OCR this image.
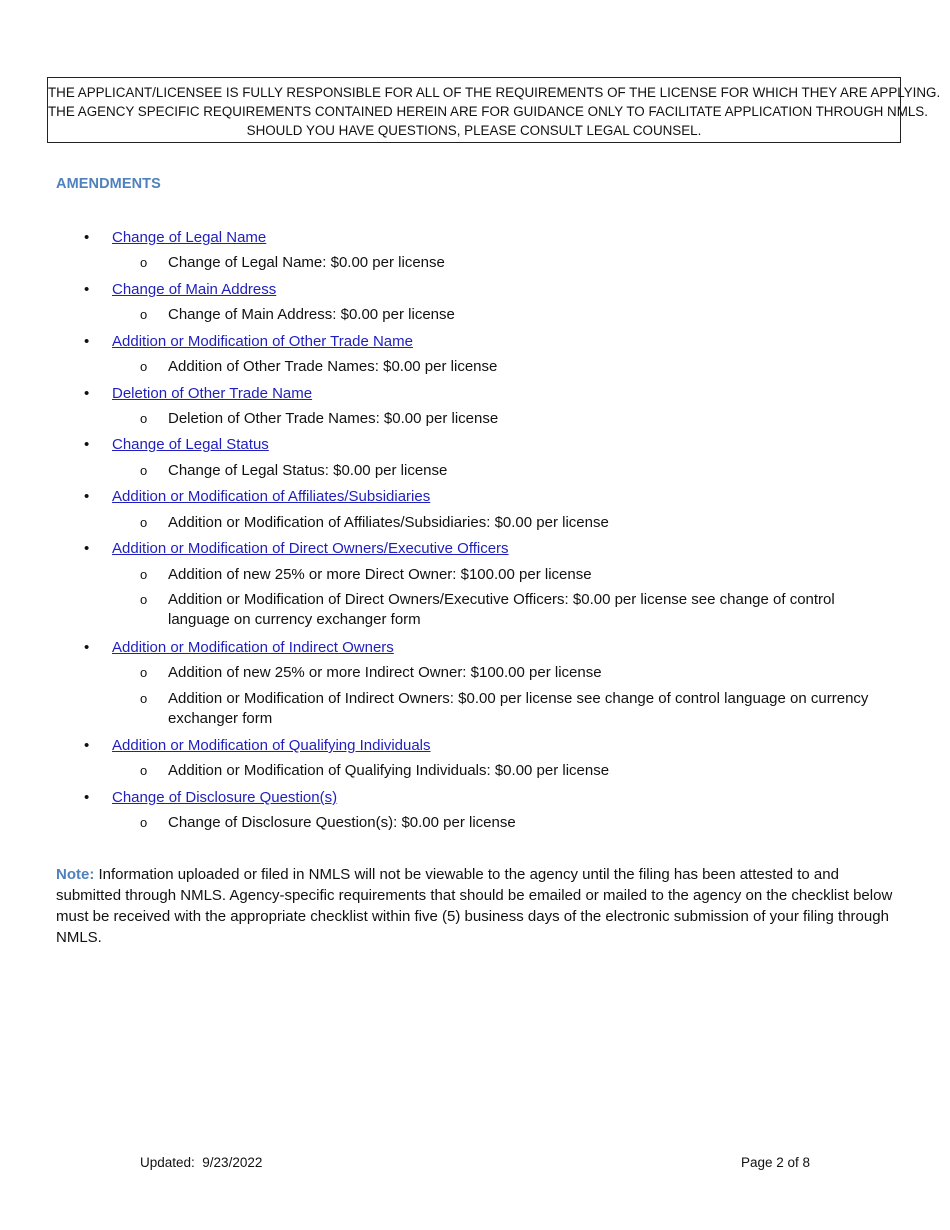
THE APPLICANT/LICENSEE IS FULLY RESPONSIBLE FOR ALL OF THE REQUIREMENTS OF THE LICENSE FOR WHICH THEY ARE APPLYING.
THE AGENCY SPECIFIC REQUIREMENTS CONTAINED HEREIN ARE FOR GUIDANCE ONLY TO FACILITATE APPLICATION THROUGH NMLS.
SHOULD YOU HAVE QUESTIONS, PLEASE CONSULT LEGAL COUNSEL.
AMENDMENTS
• Change of Legal Name
o Change of Legal Name: $0.00 per license
• Change of Main Address
o Change of Main Address: $0.00 per license
• Addition or Modification of Other Trade Name
o Addition of Other Trade Names: $0.00 per license
• Deletion of Other Trade Name
o Deletion of Other Trade Names: $0.00 per license
• Change of Legal Status
o Change of Legal Status: $0.00 per license
• Addition or Modification of Affiliates/Subsidiaries
o Addition or Modification of Affiliates/Subsidiaries: $0.00 per license
• Addition or Modification of Direct Owners/Executive Officers
o Addition of new 25% or more Direct Owner: $100.00 per license
o Addition or Modification of Direct Owners/Executive Officers: $0.00 per license see change of control language on currency exchanger form
• Addition or Modification of Indirect Owners
o Addition of new 25% or more Indirect Owner: $100.00 per license
o Addition or Modification of Indirect Owners: $0.00 per license see change of control language on currency exchanger form
• Addition or Modification of Qualifying Individuals
o Addition or Modification of Qualifying Individuals: $0.00 per license
• Change of Disclosure Question(s)
o Change of Disclosure Question(s): $0.00 per license
Note: Information uploaded or filed in NMLS will not be viewable to the agency until the filing has been attested to and submitted through NMLS. Agency-specific requirements that should be emailed or mailed to the agency on the checklist below must be received with the appropriate checklist within five (5) business days of the electronic submission of your filing through NMLS.
Updated:  9/23/2022	Page 2 of 8
